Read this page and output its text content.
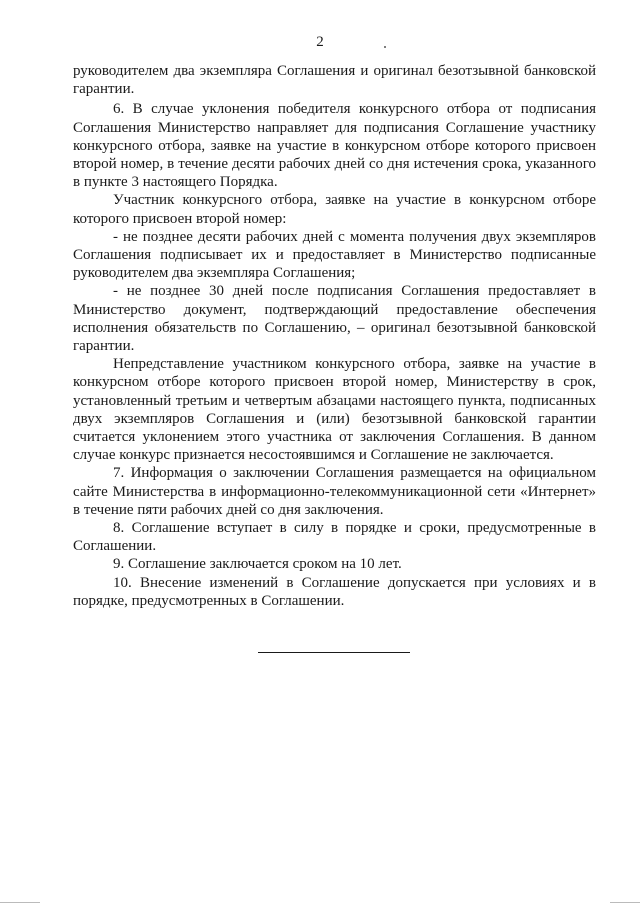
2

руководителем два экземпляра Соглашения и оригинал безотзывной банковской гарантии.

6. В случае уклонения победителя конкурсного отбора от подписания Соглашения Министерство направляет для подписания Соглашение участнику конкурсного отбора, заявке на участие в конкурсном отборе которого присвоен второй номер, в течение десяти рабочих дней со дня истечения срока, указанного в пункте 3 настоящего Порядка.

Участник конкурсного отбора, заявке на участие в конкурсном отборе которого присвоен второй номер:

- не позднее десяти рабочих дней с момента получения двух экземпляров Соглашения подписывает их и предоставляет в Министерство подписанные руководителем два экземпляра Соглашения;

- не позднее 30 дней после подписания Соглашения предоставляет в Министерство документ, подтверждающий предоставление обеспечения исполнения обязательств по Соглашению, – оригинал безотзывной банковской гарантии.

Непредставление участником конкурсного отбора, заявке на участие в конкурсном отборе которого присвоен второй номер, Министерству в срок, установленный третьим и четвертым абзацами настоящего пункта, подписанных двух экземпляров Соглашения и (или) безотзывной банковской гарантии считается уклонением этого участника от заключения Соглашения. В данном случае конкурс признается несостоявшимся и Соглашение не заключается.

7. Информация о заключении Соглашения размещается на официальном сайте Министерства в информационно-телекоммуникационной сети «Интернет» в течение пяти рабочих дней со дня заключения.

8. Соглашение вступает в силу в порядке и сроки, предусмотренные в Соглашении.

9. Соглашение заключается сроком на 10 лет.

10. Внесение изменений в Соглашение допускается при условиях и в порядке, предусмотренных в Соглашении.
